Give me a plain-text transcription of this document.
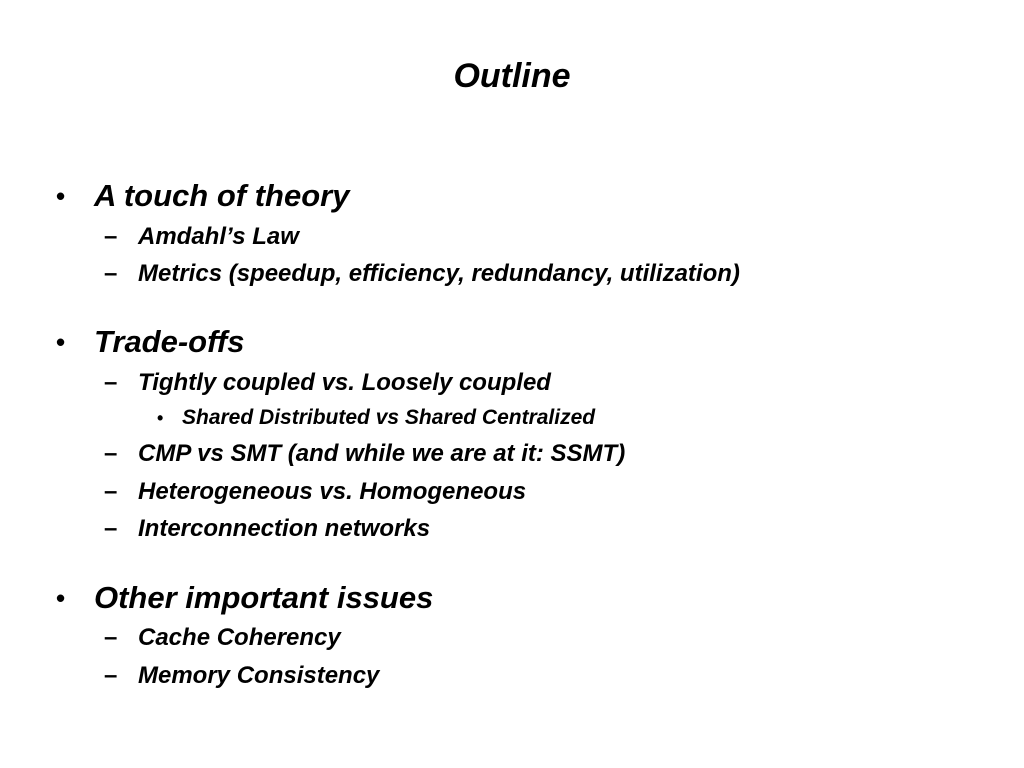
Outline
• A touch of theory
– Amdahl’s Law
– Metrics (speedup, efficiency, redundancy, utilization)
• Trade-offs
– Tightly coupled vs. Loosely coupled
• Shared Distributed vs Shared Centralized
– CMP vs SMT (and while we are at it: SSMT)
– Heterogeneous vs. Homogeneous
– Interconnection networks
• Other important issues
– Cache Coherency
– Memory Consistency
